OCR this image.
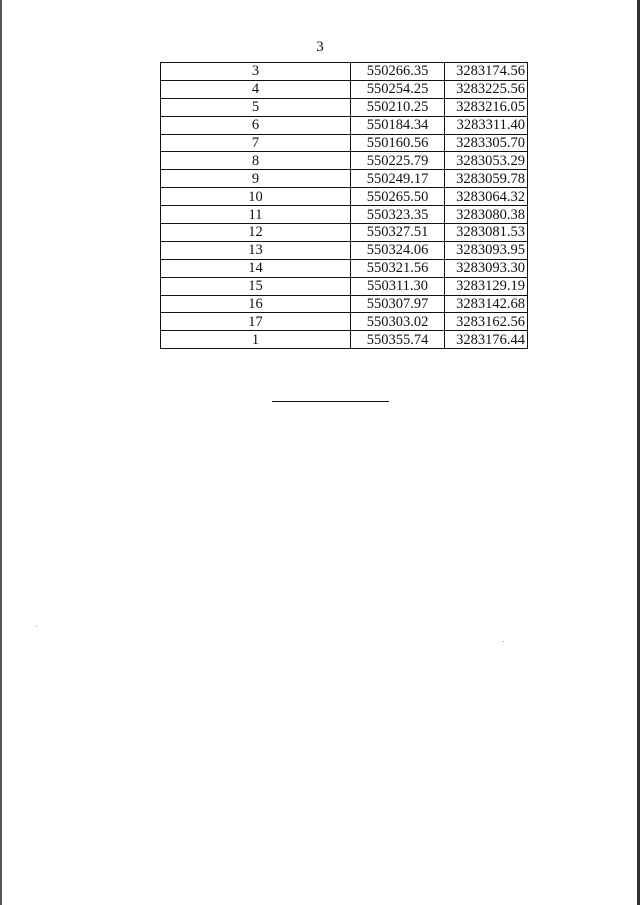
3
3	550266.35	3283174.56
4	550254.25	3283225.56
5	550210.25	3283216.05
6	550184.34	3283311.40
7	550160.56	3283305.70
8	550225.79	3283053.29
9	550249.17	3283059.78
10	550265.50	3283064.32
11	550323.35	3283080.38
12	550327.51	3283081.53
13	550324.06	3283093.95
14	550321.56	3283093.30
15	550311.30	3283129.19
16	550307.97	3283142.68
17	550303.02	3283162.56
1	550355.74	3283176.44
